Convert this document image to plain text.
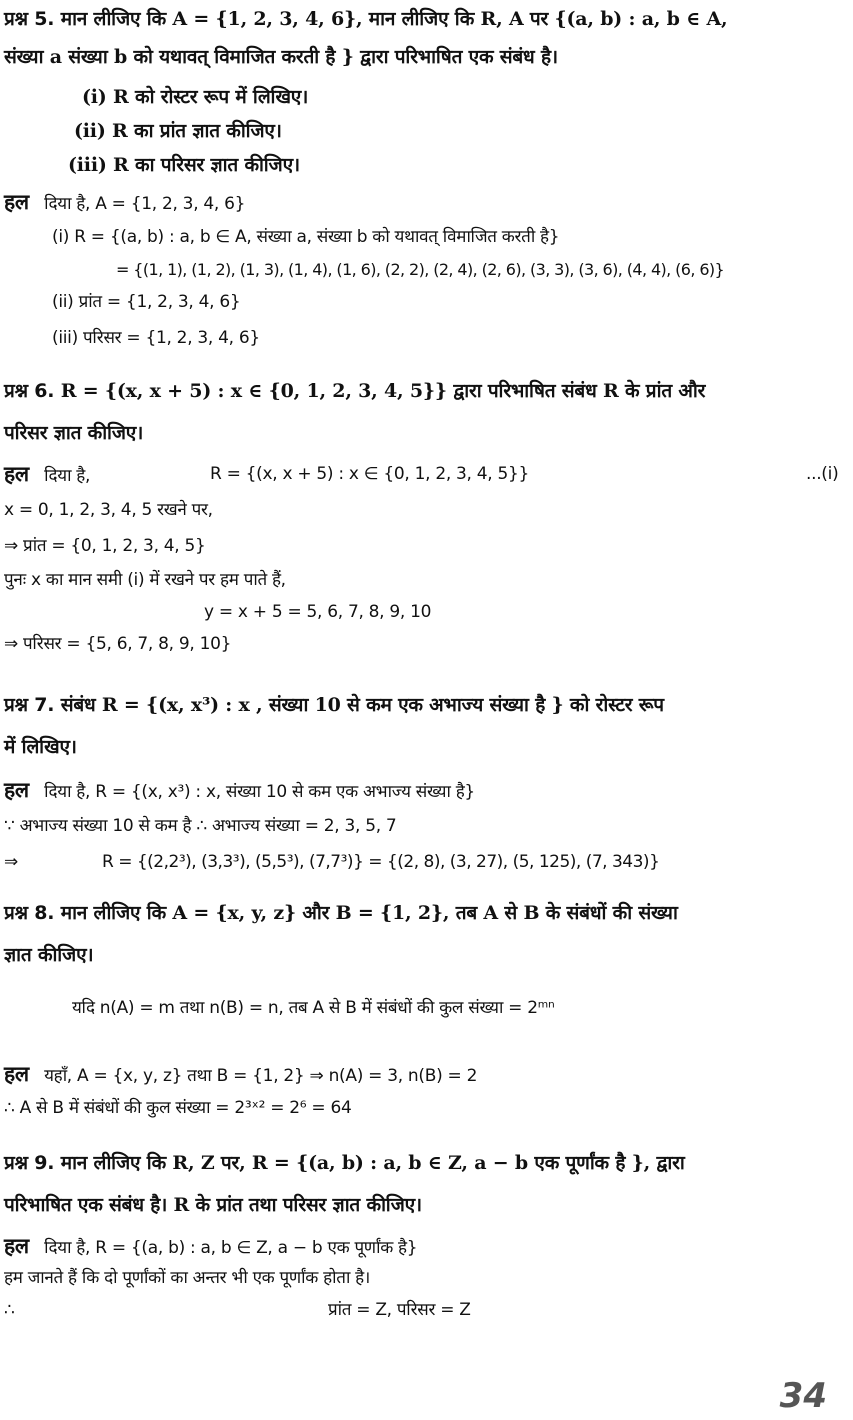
प्रश्न 5. मान लीजिए कि A = {1, 2, 3, 4, 6}, मान लीजिए कि R, A पर {(a, b) : a, b ∈ A,
संख्या a संख्या b को यथावत् विमाजित करती है } द्वारा परिभाषित एक संबंध है।
(i) R को रोस्टर रूप में लिखिए।
(ii) R का प्रांत ज्ञात कीजिए।
(iii) R का परिसर ज्ञात कीजिए।
हल दिया है, A = {1, 2, 3, 4, 6}
(i) R = {(a, b) : a, b ∈ A, संख्या a, संख्या b को यथावत् विमाजित करती है}
= {(1, 1), (1, 2), (1, 3), (1, 4), (1, 6), (2, 2), (2, 4), (2, 6), (3, 3), (3, 6), (4, 4), (6, 6)}
(ii) प्रांत = {1, 2, 3, 4, 6}
(iii) परिसर = {1, 2, 3, 4, 6}
प्रश्न 6. R = {(x, x + 5) : x ∈ {0, 1, 2, 3, 4, 5}} द्वारा परिभाषित संबंध R के प्रांत और
परिसर ज्ञात कीजिए।
हल दिया है,	R = {(x, x + 5) : x ∈ {0, 1, 2, 3, 4, 5}}	...(i)
x = 0, 1, 2, 3, 4, 5 रखने पर,
⇒ प्रांत = {0, 1, 2, 3, 4, 5}
पुनः x का मान समी (i) में रखने पर हम पाते हैं,
y = x + 5 = 5, 6, 7, 8, 9, 10
⇒ परिसर = {5, 6, 7, 8, 9, 10}
प्रश्न 7. संबंध R = {(x, x³) : x , संख्या 10 से कम एक अभाज्य संख्या है } को रोस्टर रूप
में लिखिए।
हल दिया है, R = {(x, x³) : x, संख्या 10 से कम एक अभाज्य संख्या है}
∵ अभाज्य संख्या 10 से कम है ∴ अभाज्य संख्या = 2, 3, 5, 7
⇒	R = {(2,2³), (3,3³), (5,5³), (7,7³)} = {(2, 8), (3, 27), (5, 125), (7, 343)}
प्रश्न 8. मान लीजिए कि A = {x, y, z} और B = {1, 2}, तब A से B के संबंधों की संख्या
ज्ञात कीजिए।
यदि n(A) = m तथा n(B) = n, तब A से B में संबंधों की कुल संख्या = 2ᵐⁿ
हल यहाँ, A = {x, y, z} तथा B = {1, 2} ⇒ n(A) = 3, n(B) = 2
∴ A से B में संबंधों की कुल संख्या = 2³ˣ² = 2⁶ = 64
प्रश्न 9. मान लीजिए कि R, Z पर, R = {(a, b) : a, b ∈ Z, a − b एक पूर्णांक है }, द्वारा
परिभाषित एक संबंध है। R के प्रांत तथा परिसर ज्ञात कीजिए।
हल दिया है, R = {(a, b) : a, b ∈ Z, a − b एक पूर्णांक है}
हम जानते हैं कि दो पूर्णांकों का अन्तर भी एक पूर्णांक होता है।
∴	प्रांत = Z, परिसर = Z
34
